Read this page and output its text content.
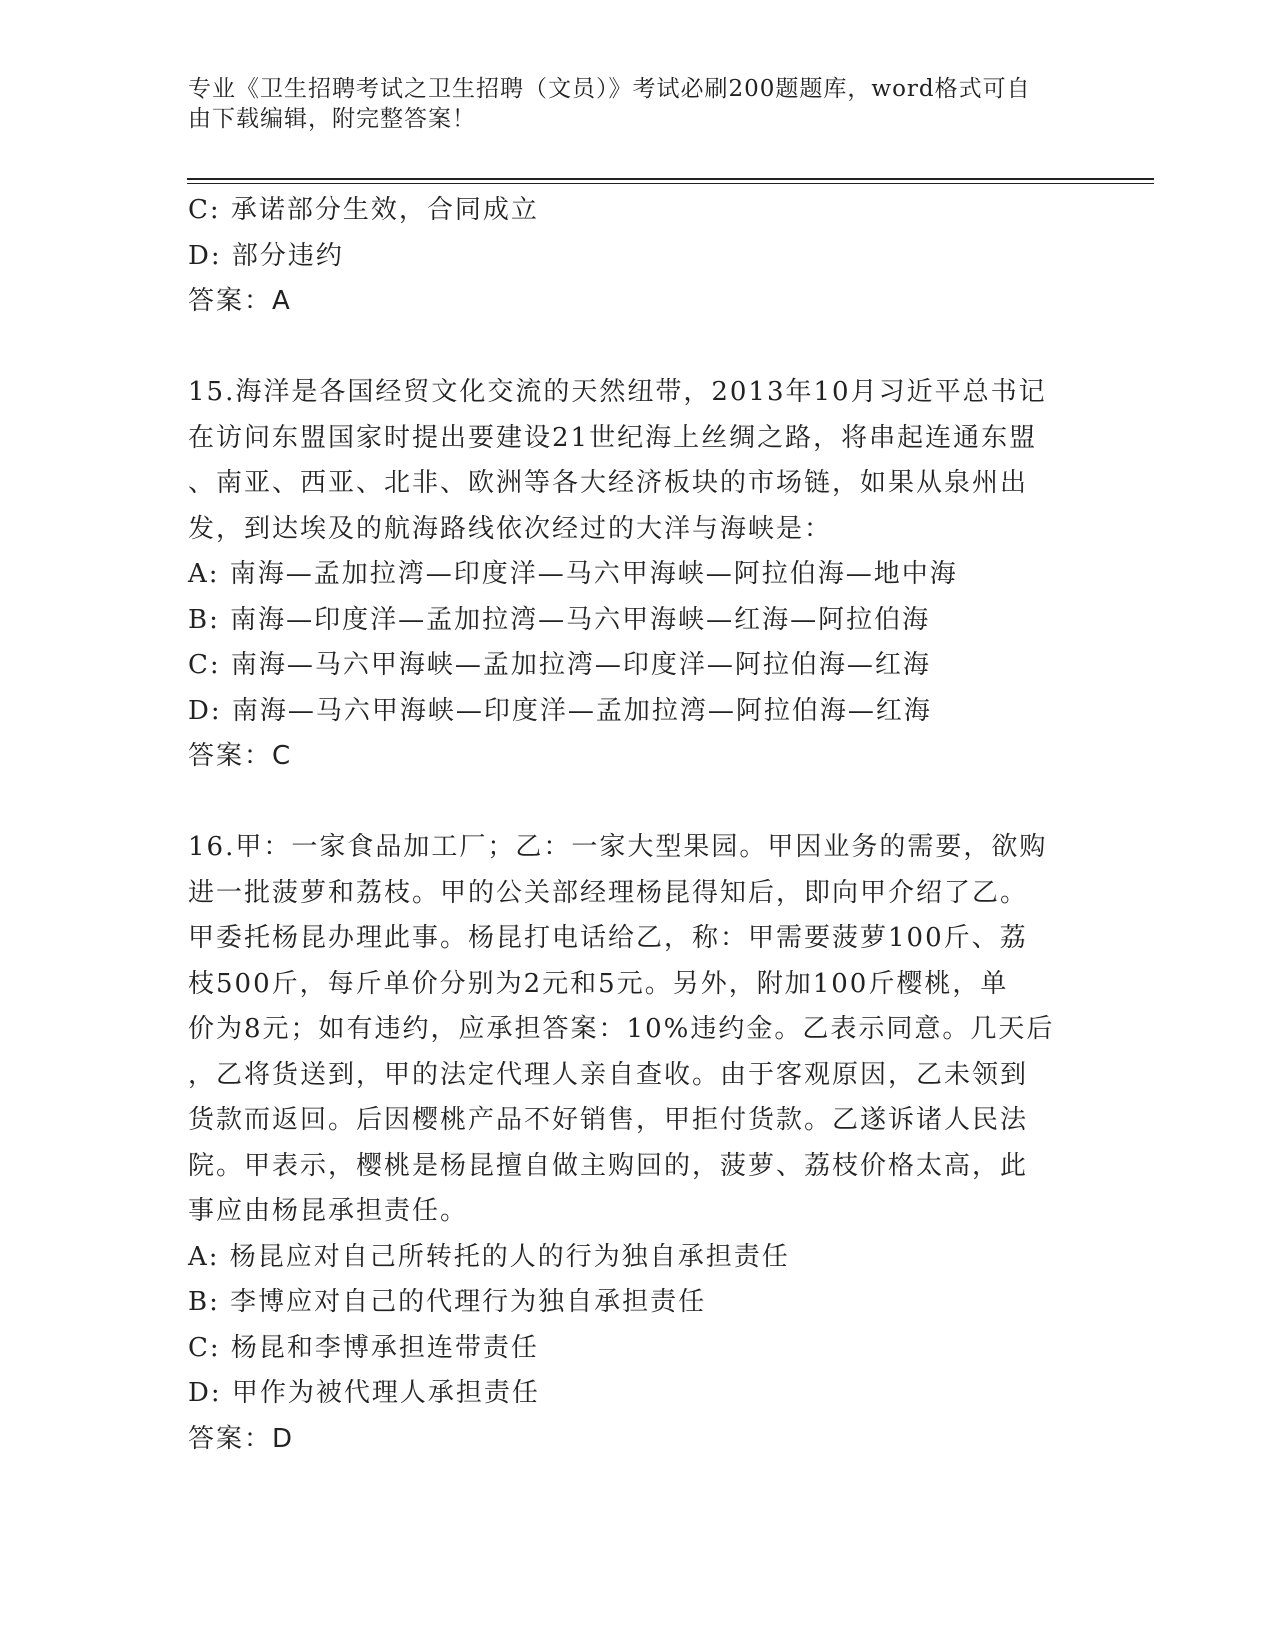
专业《卫生招聘考试之卫生招聘（文员）》考试必刷200题题库，word格式可自
由下载编辑，附完整答案！
C: 承诺部分生效，合同成立
D: 部分违约
答案：A
15.海洋是各国经贸文化交流的天然纽带，2013年10月习近平总书记
在访问东盟国家时提出要建设21世纪海上丝绸之路，将串起连通东盟
、南亚、西亚、北非、欧洲等各大经济板块的市场链，如果从泉州出
发，到达埃及的航海路线依次经过的大洋与海峡是：
A: 南海—孟加拉湾—印度洋—马六甲海峡—阿拉伯海—地中海
B: 南海—印度洋—孟加拉湾—马六甲海峡—红海—阿拉伯海
C: 南海—马六甲海峡—孟加拉湾—印度洋—阿拉伯海—红海
D: 南海—马六甲海峡—印度洋—孟加拉湾—阿拉伯海—红海
答案：C
16.甲：一家食品加工厂；乙：一家大型果园。甲因业务的需要，欲购
进一批菠萝和荔枝。甲的公关部经理杨昆得知后，即向甲介绍了乙。
甲委托杨昆办理此事。杨昆打电话给乙，称：甲需要菠萝100斤、荔
枝500斤，每斤单价分别为2元和5元。另外，附加100斤樱桃，单
价为8元；如有违约，应承担答案：10%违约金。乙表示同意。几天后
，乙将货送到，甲的法定代理人亲自查收。由于客观原因，乙未领到
货款而返回。后因樱桃产品不好销售，甲拒付货款。乙遂诉诸人民法
院。甲表示，樱桃是杨昆擅自做主购回的，菠萝、荔枝价格太高，此
事应由杨昆承担责任。
A: 杨昆应对自己所转托的人的行为独自承担责任
B: 李博应对自己的代理行为独自承担责任
C: 杨昆和李博承担连带责任
D: 甲作为被代理人承担责任
答案：D
